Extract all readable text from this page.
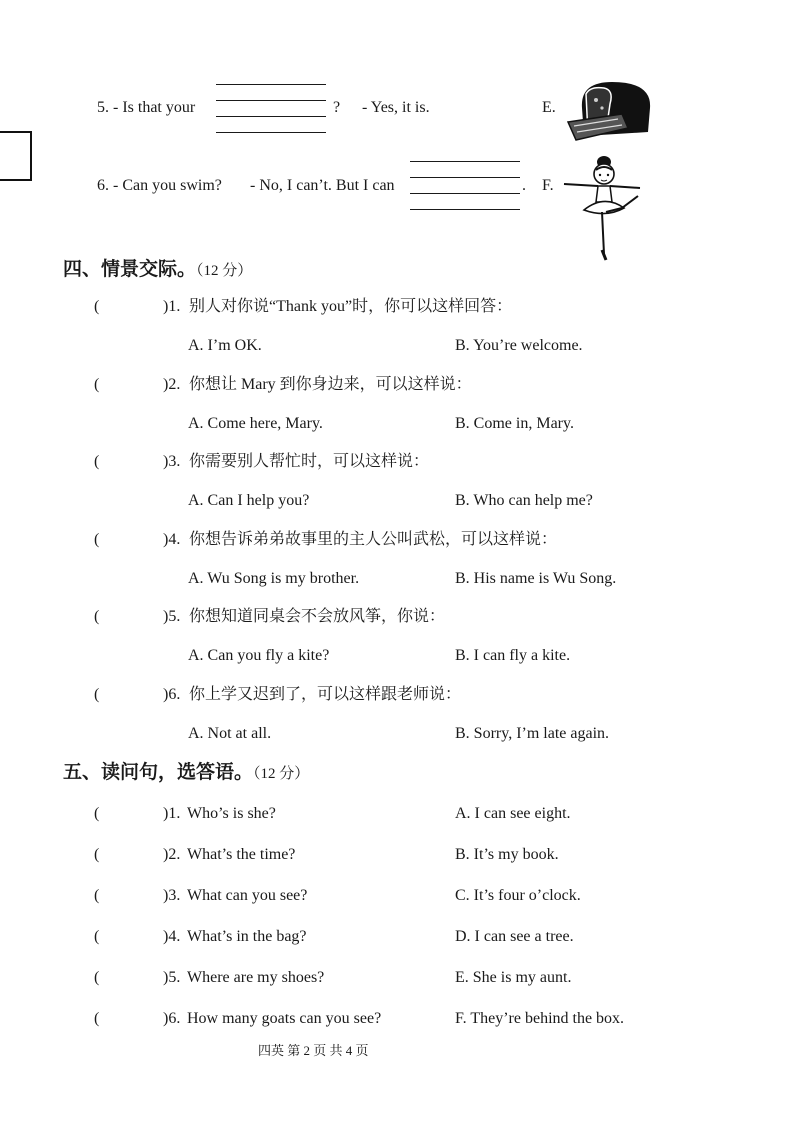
5. - Is that your	? - Yes, it is.	E.
6. - Can you swim? - No, I can’t. But I can	. F.
四、情景交际。（12 分）
(	)1. 别人对你说“Thank you”时，你可以这样回答：
A. I’m OK.	B. You’re welcome.
(	)2. 你想让 Mary 到你身边来，可以这样说：
A. Come here, Mary.	B. Come in, Mary.
(	)3. 你需要别人帮忙时，可以这样说：
A. Can I help you?	B. Who can help me?
(	)4. 你想告诉弟弟故事里的主人公叫武松，可以这样说：
A. Wu Song is my brother.	B. His name is Wu Song.
(	)5. 你想知道同桌会不会放风筝，你说：
A. Can you fly a kite?	B. I can fly a kite.
(	)6. 你上学又迟到了，可以这样跟老师说：
A. Not at all.	B. Sorry, I’m late again.
五、读问句，选答语。（12 分）
(	)1. Who’s is she?	A. I can see eight.
(	)2. What’s the time?	B. It’s my book.
(	)3. What can you see?	C. It’s four o’clock.
(	)4. What’s in the bag?	D. I can see a tree.
(	)5. Where are my shoes?	E. She is my aunt.
(	)6. How many goats can you see?	F. They’re behind the box.
四英 第 2 页 共 4 页
